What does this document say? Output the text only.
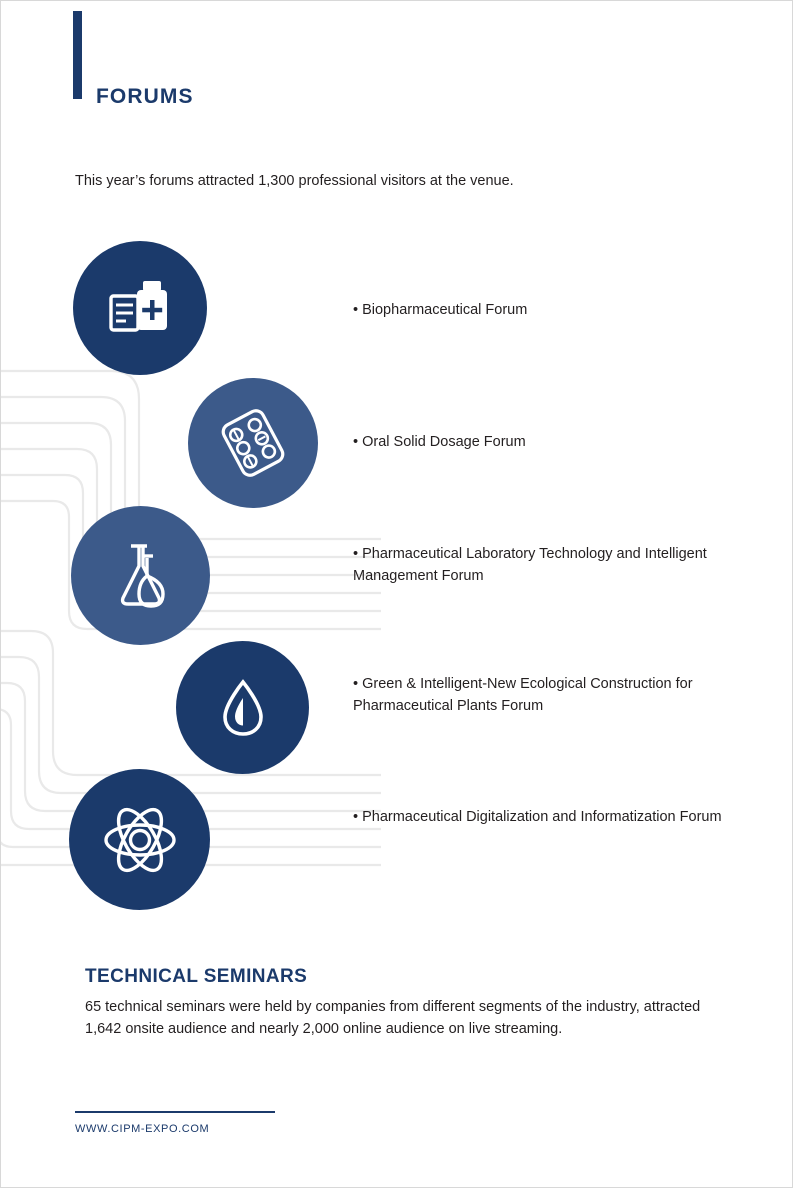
FORUMS
This year’s forums attracted 1,300 professional visitors at the venue.
• Biopharmaceutical Forum
• Oral Solid Dosage Forum
• Pharmaceutical Laboratory Technology and Intelligent Management Forum
• Green & Intelligent-New Ecological Construction for Pharmaceutical Plants Forum
• Pharmaceutical Digitalization and Informatization Forum
TECHNICAL SEMINARS
65 technical seminars were held by companies from different segments of the industry, attracted 1,642 onsite audience and nearly 2,000 online audience on live streaming.
WWW.CIPM-EXPO.COM
